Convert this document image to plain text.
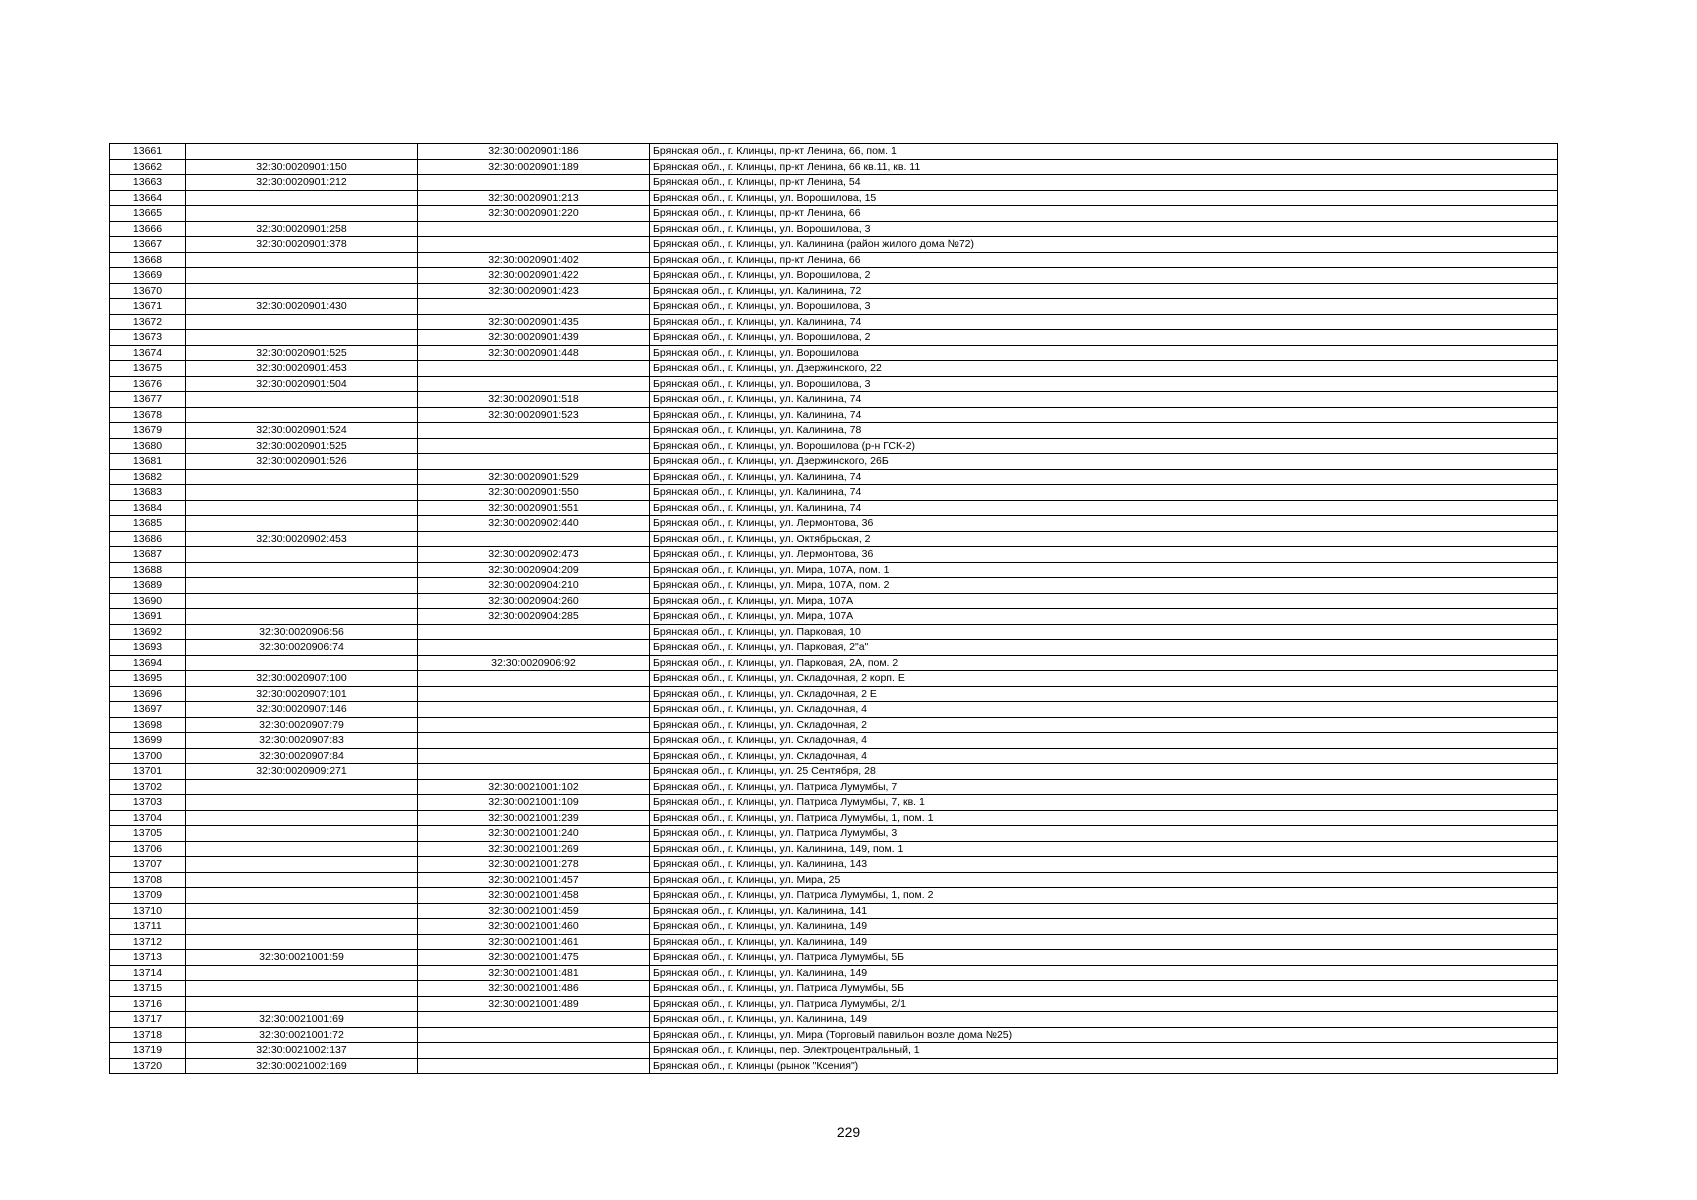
13661		32:30:0020901:186	Брянская обл., г. Клинцы, пр-кт Ленина, 66, пом. 1
13662	32:30:0020901:150	32:30:0020901:189	Брянская обл., г. Клинцы, пр-кт Ленина, 66 кв.11, кв. 11
13663	32:30:0020901:212		Брянская обл., г. Клинцы, пр-кт Ленина, 54
13664		32:30:0020901:213	Брянская обл., г. Клинцы, ул. Ворошилова, 15
13665		32:30:0020901:220	Брянская обл., г. Клинцы, пр-кт Ленина, 66
13666	32:30:0020901:258		Брянская обл., г. Клинцы, ул. Ворошилова, 3
13667	32:30:0020901:378		Брянская обл., г. Клинцы, ул. Калинина (район жилого дома №72)
13668		32:30:0020901:402	Брянская обл., г. Клинцы, пр-кт Ленина, 66
13669		32:30:0020901:422	Брянская обл., г. Клинцы, ул. Ворошилова, 2
13670		32:30:0020901:423	Брянская обл., г. Клинцы, ул. Калинина, 72
13671	32:30:0020901:430		Брянская обл., г. Клинцы, ул. Ворошилова, 3
13672		32:30:0020901:435	Брянская обл., г. Клинцы, ул. Калинина, 74
13673		32:30:0020901:439	Брянская обл., г. Клинцы, ул. Ворошилова, 2
13674	32:30:0020901:525	32:30:0020901:448	Брянская обл., г. Клинцы, ул. Ворошилова
13675	32:30:0020901:453		Брянская обл., г. Клинцы, ул. Дзержинского, 22
13676	32:30:0020901:504		Брянская обл., г. Клинцы, ул. Ворошилова, 3
13677		32:30:0020901:518	Брянская обл., г. Клинцы, ул. Калинина, 74
13678		32:30:0020901:523	Брянская обл., г. Клинцы, ул. Калинина, 74
13679	32:30:0020901:524		Брянская обл., г. Клинцы, ул. Калинина, 78
13680	32:30:0020901:525		Брянская обл., г. Клинцы, ул. Ворошилова (р-н ГСК-2)
13681	32:30:0020901:526		Брянская обл., г. Клинцы, ул. Дзержинского, 26Б
13682		32:30:0020901:529	Брянская обл., г. Клинцы, ул. Калинина, 74
13683		32:30:0020901:550	Брянская обл., г. Клинцы, ул. Калинина, 74
13684		32:30:0020901:551	Брянская обл., г. Клинцы, ул. Калинина, 74
13685		32:30:0020902:440	Брянская обл., г. Клинцы, ул. Лермонтова, 36
13686	32:30:0020902:453		Брянская обл., г. Клинцы, ул. Октябрьская, 2
13687		32:30:0020902:473	Брянская обл., г. Клинцы, ул. Лермонтова, 36
13688		32:30:0020904:209	Брянская обл., г. Клинцы, ул. Мира, 107А, пом. 1
13689		32:30:0020904:210	Брянская обл., г. Клинцы, ул. Мира, 107А, пом. 2
13690		32:30:0020904:260	Брянская обл., г. Клинцы, ул. Мира, 107А
13691		32:30:0020904:285	Брянская обл., г. Клинцы, ул. Мира, 107А
13692	32:30:0020906:56		Брянская обл., г. Клинцы, ул. Парковая, 10
13693	32:30:0020906:74		Брянская обл., г. Клинцы, ул. Парковая, 2"а"
13694		32:30:0020906:92	Брянская обл., г. Клинцы, ул. Парковая, 2А, пом. 2
13695	32:30:0020907:100		Брянская обл., г. Клинцы, ул. Складочная, 2 корп. Е
13696	32:30:0020907:101		Брянская обл., г. Клинцы, ул. Складочная, 2 Е
13697	32:30:0020907:146		Брянская обл., г. Клинцы, ул. Складочная, 4
13698	32:30:0020907:79		Брянская обл., г. Клинцы, ул. Складочная, 2
13699	32:30:0020907:83		Брянская обл., г. Клинцы, ул. Складочная, 4
13700	32:30:0020907:84		Брянская обл., г. Клинцы, ул. Складочная, 4
13701	32:30:0020909:271		Брянская обл., г. Клинцы, ул. 25 Сентября, 28
13702		32:30:0021001:102	Брянская обл., г. Клинцы, ул. Патриса Лумумбы, 7
13703		32:30:0021001:109	Брянская обл., г. Клинцы, ул. Патриса Лумумбы, 7, кв. 1
13704		32:30:0021001:239	Брянская обл., г. Клинцы, ул. Патриса Лумумбы, 1, пом. 1
13705		32:30:0021001:240	Брянская обл., г. Клинцы, ул. Патриса Лумумбы, 3
13706		32:30:0021001:269	Брянская обл., г. Клинцы, ул. Калинина, 149, пом. 1
13707		32:30:0021001:278	Брянская обл., г. Клинцы, ул. Калинина, 143
13708		32:30:0021001:457	Брянская обл., г. Клинцы, ул. Мира, 25
13709		32:30:0021001:458	Брянская обл., г. Клинцы, ул. Патриса Лумумбы, 1, пом. 2
13710		32:30:0021001:459	Брянская обл., г. Клинцы, ул. Калинина, 141
13711		32:30:0021001:460	Брянская обл., г. Клинцы, ул. Калинина, 149
13712		32:30:0021001:461	Брянская обл., г. Клинцы, ул. Калинина, 149
13713	32:30:0021001:59	32:30:0021001:475	Брянская обл., г. Клинцы, ул. Патриса Лумумбы, 5Б
13714		32:30:0021001:481	Брянская обл., г. Клинцы, ул. Калинина, 149
13715		32:30:0021001:486	Брянская обл., г. Клинцы, ул. Патриса Лумумбы, 5Б
13716		32:30:0021001:489	Брянская обл., г. Клинцы, ул. Патриса Лумумбы, 2/1
13717	32:30:0021001:69		Брянская обл., г. Клинцы, ул. Калинина, 149
13718	32:30:0021001:72		Брянская обл., г. Клинцы, ул. Мира (Торговый павильон возле дома №25)
13719	32:30:0021002:137		Брянская обл., г. Клинцы, пер. Электроцентральный, 1
13720	32:30:0021002:169		Брянская обл., г. Клинцы (рынок "Ксения")
229
